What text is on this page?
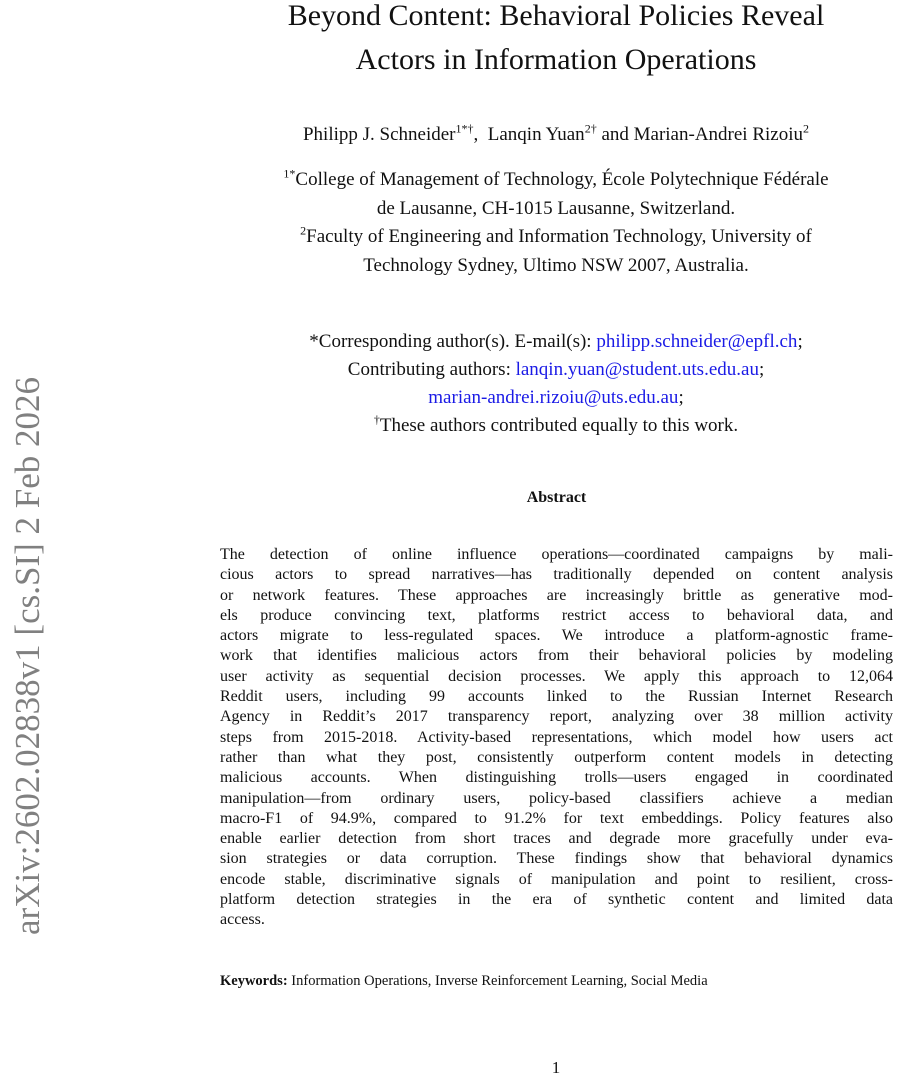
arXiv:2602.02838v1 [cs.SI] 2 Feb 2026
Beyond Content: Behavioral Policies Reveal
Actors in Information Operations
Philipp J. Schneider$^{1*\dagger}$, Lanqin Yuan$^{2\dagger}$ and Marian-Andrei Rizoiu$^2$
$^{1*}$College of Management of Technology, École Polytechnique Fédérale
de Lausanne, CH-1015 Lausanne, Switzerland.
$^2$Faculty of Engineering and Information Technology, University of
Technology Sydney, Ultimo NSW 2007, Australia.
*Corresponding author(s). E-mail(s): philipp.schneider@epfl.ch;
Contributing authors: lanqin.yuan@student.uts.edu.au;
marian-andrei.rizoiu@uts.edu.au;
†These authors contributed equally to this work.
Abstract
The detection of online influence operations—coordinated campaigns by mali-
cious actors to spread narratives—has traditionally depended on content analysis
or network features. These approaches are increasingly brittle as generative mod-
els produce convincing text, platforms restrict access to behavioral data, and
actors migrate to less-regulated spaces. We introduce a platform-agnostic frame-
work that identifies malicious actors from their behavioral policies by modeling
user activity as sequential decision processes. We apply this approach to 12,064
Reddit users, including 99 accounts linked to the Russian Internet Research
Agency in Reddit’s 2017 transparency report, analyzing over 38 million activity
steps from 2015-2018. Activity-based representations, which model how users act
rather than what they post, consistently outperform content models in detecting
malicious accounts. When distinguishing trolls—users engaged in coordinated
manipulation—from ordinary users, policy-based classifiers achieve a median
macro-F1 of 94.9%, compared to 91.2% for text embeddings. Policy features also
enable earlier detection from short traces and degrade more gracefully under eva-
sion strategies or data corruption. These findings show that behavioral dynamics
encode stable, discriminative signals of manipulation and point to resilient, cross-
platform detection strategies in the era of synthetic content and limited data
access.
Keywords: Information Operations, Inverse Reinforcement Learning, Social Media
1
